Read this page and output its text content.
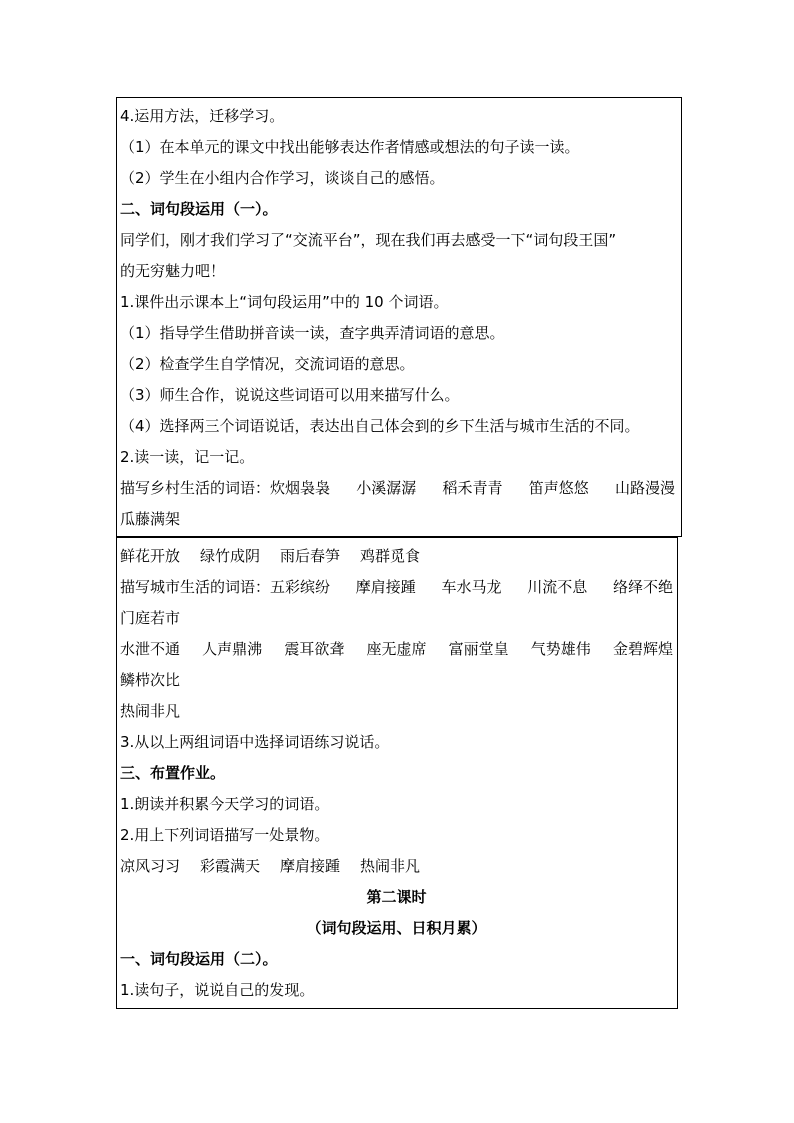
4.运用方法，迁移学习。
（1）在本单元的课文中找出能够表达作者情感或想法的句子读一读。
（2）学生在小组内合作学习，谈谈自己的感悟。
二、词句段运用（一）。
同学们，刚才我们学习了“交流平台”，现在我们再去感受一下“词句段王国”
的无穷魅力吧！
1.课件出示课本上“词句段运用”中的 10 个词语。
（1）指导学生借助拼音读一读，查字典弄清词语的意思。
（2）检查学生自学情况，交流词语的意思。
（3）师生合作，说说这些词语可以用来描写什么。
（4）选择两三个词语说话，表达出自己体会到的乡下生活与城市生活的不同。
2.读一读，记一记。
描写乡村生活的词语：炊烟袅袅 小溪潺潺 稻禾青青 笛声悠悠 山路漫漫
瓜藤满架
鲜花开放 绿竹成阴 雨后春笋 鸡群觅食
描写城市生活的词语：五彩缤纷 摩肩接踵 车水马龙 川流不息 络绎不绝
门庭若市
水泄不通 人声鼎沸 震耳欲聋 座无虚席 富丽堂皇 气势雄伟 金碧辉煌
鳞栉次比
热闹非凡
3.从以上两组词语中选择词语练习说话。
三、布置作业。
1.朗读并积累今天学习的词语。
2.用上下列词语描写一处景物。
凉风习习 彩霞满天 摩肩接踵 热闹非凡
第二课时
（词句段运用、日积月累）
一、词句段运用（二）。
1.读句子，说说自己的发现。
